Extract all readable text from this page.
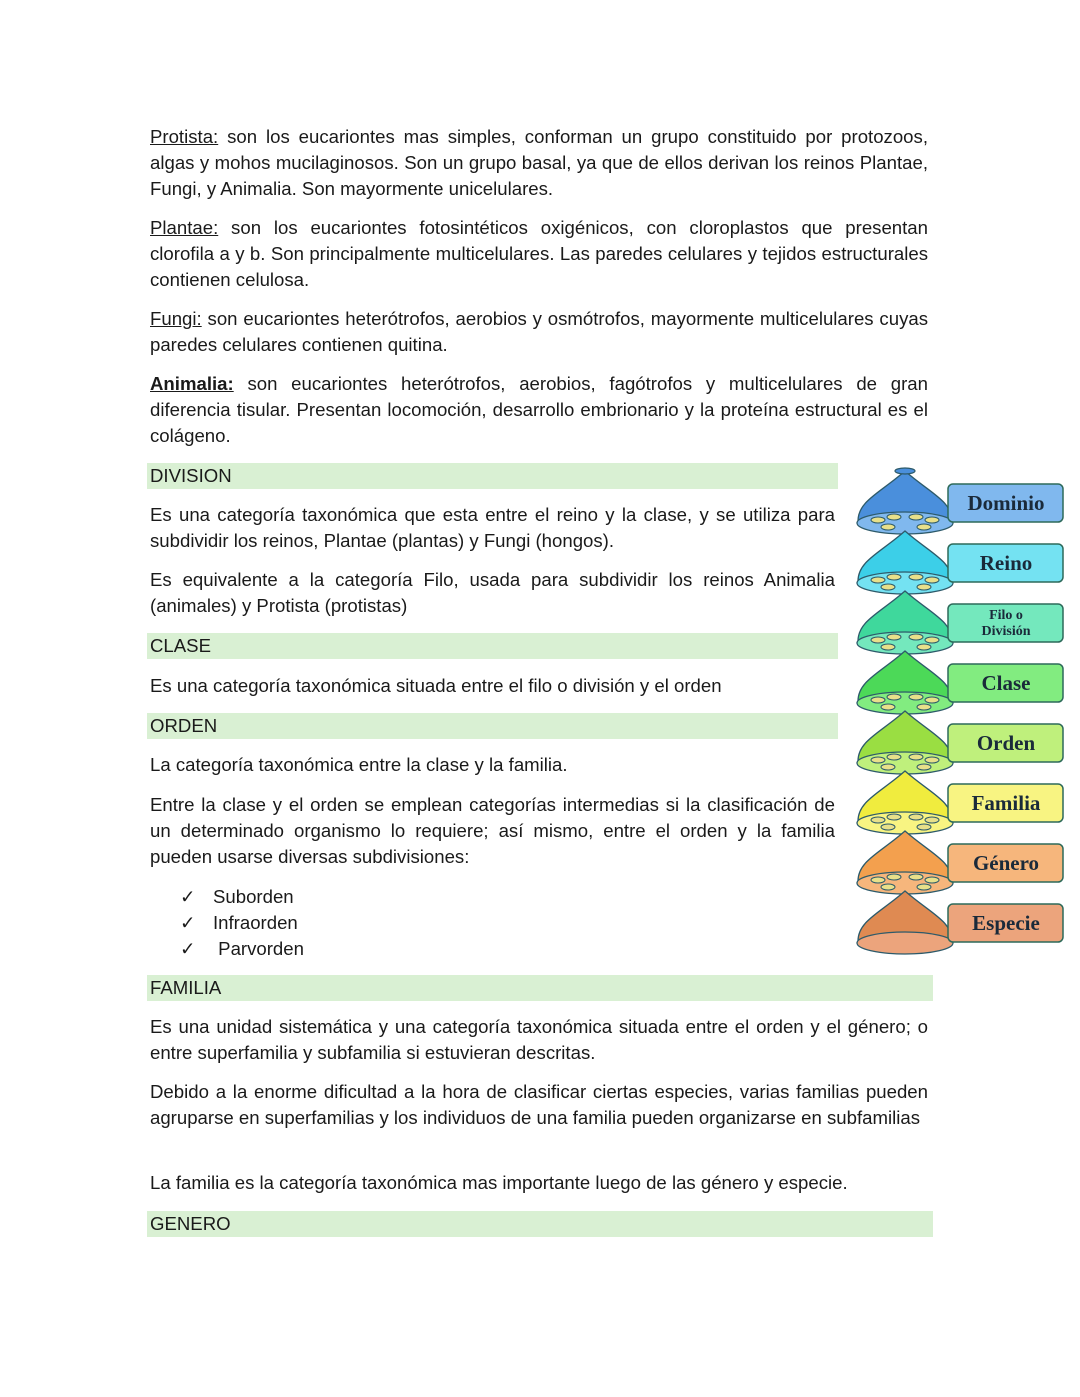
Protista: son los eucariontes mas simples, conforman un grupo constituido por protozoos, algas y mohos mucilaginosos. Son un grupo basal, ya que de ellos derivan los reinos Plantae, Fungi, y Animalia. Son mayormente unicelulares.

Plantae: son los eucariontes fotosintéticos oxigénicos, con cloroplastos que presentan clorofila a y b. Son principalmente multicelulares. Las paredes celulares y tejidos estructurales contienen celulosa.

Fungi: son eucariontes heterótrofos, aerobios y osmótrofos, mayormente multicelulares cuyas paredes celulares contienen quitina.

Animalia: son eucariontes heterótrofos, aerobios, fagótrofos y multicelulares de gran diferencia tisular. Presentan locomoción, desarrollo embrionario y la proteína estructural es el colágeno.

DIVISION

Es una categoría taxonómica que esta entre el reino y la clase, y se utiliza para subdividir los reinos, Plantae (plantas) y Fungi (hongos).

Es equivalente a la categoría Filo, usada para subdividir los reinos Animalia (animales) y Protista (protistas)

CLASE

Es una categoría taxonómica situada entre el filo o división y el orden

ORDEN

La categoría taxonómica entre la clase y la familia.

Entre la clase y el orden se emplean categorías intermedias si la clasificación de un determinado organismo lo requiere; así mismo, entre el orden y la familia pueden usarse diversas subdivisiones:

✓ Suborden
✓ Infraorden
✓ Parvorden
FAMILIA

Es una unidad sistemática y una categoría taxonómica situada entre el orden y el género; o entre superfamilia y subfamilia si estuvieran descritas.

Debido a la enorme dificultad a la hora de clasificar ciertas especies, varias familias pueden agruparse en superfamilias y los individuos de una familia pueden organizarse en subfamilias

La familia es la categoría taxonómica mas importante luego de las género y especie.

GENERO
Dominio
Reino
Filo o
División
Clase
Orden
Familia
Género
Especie
